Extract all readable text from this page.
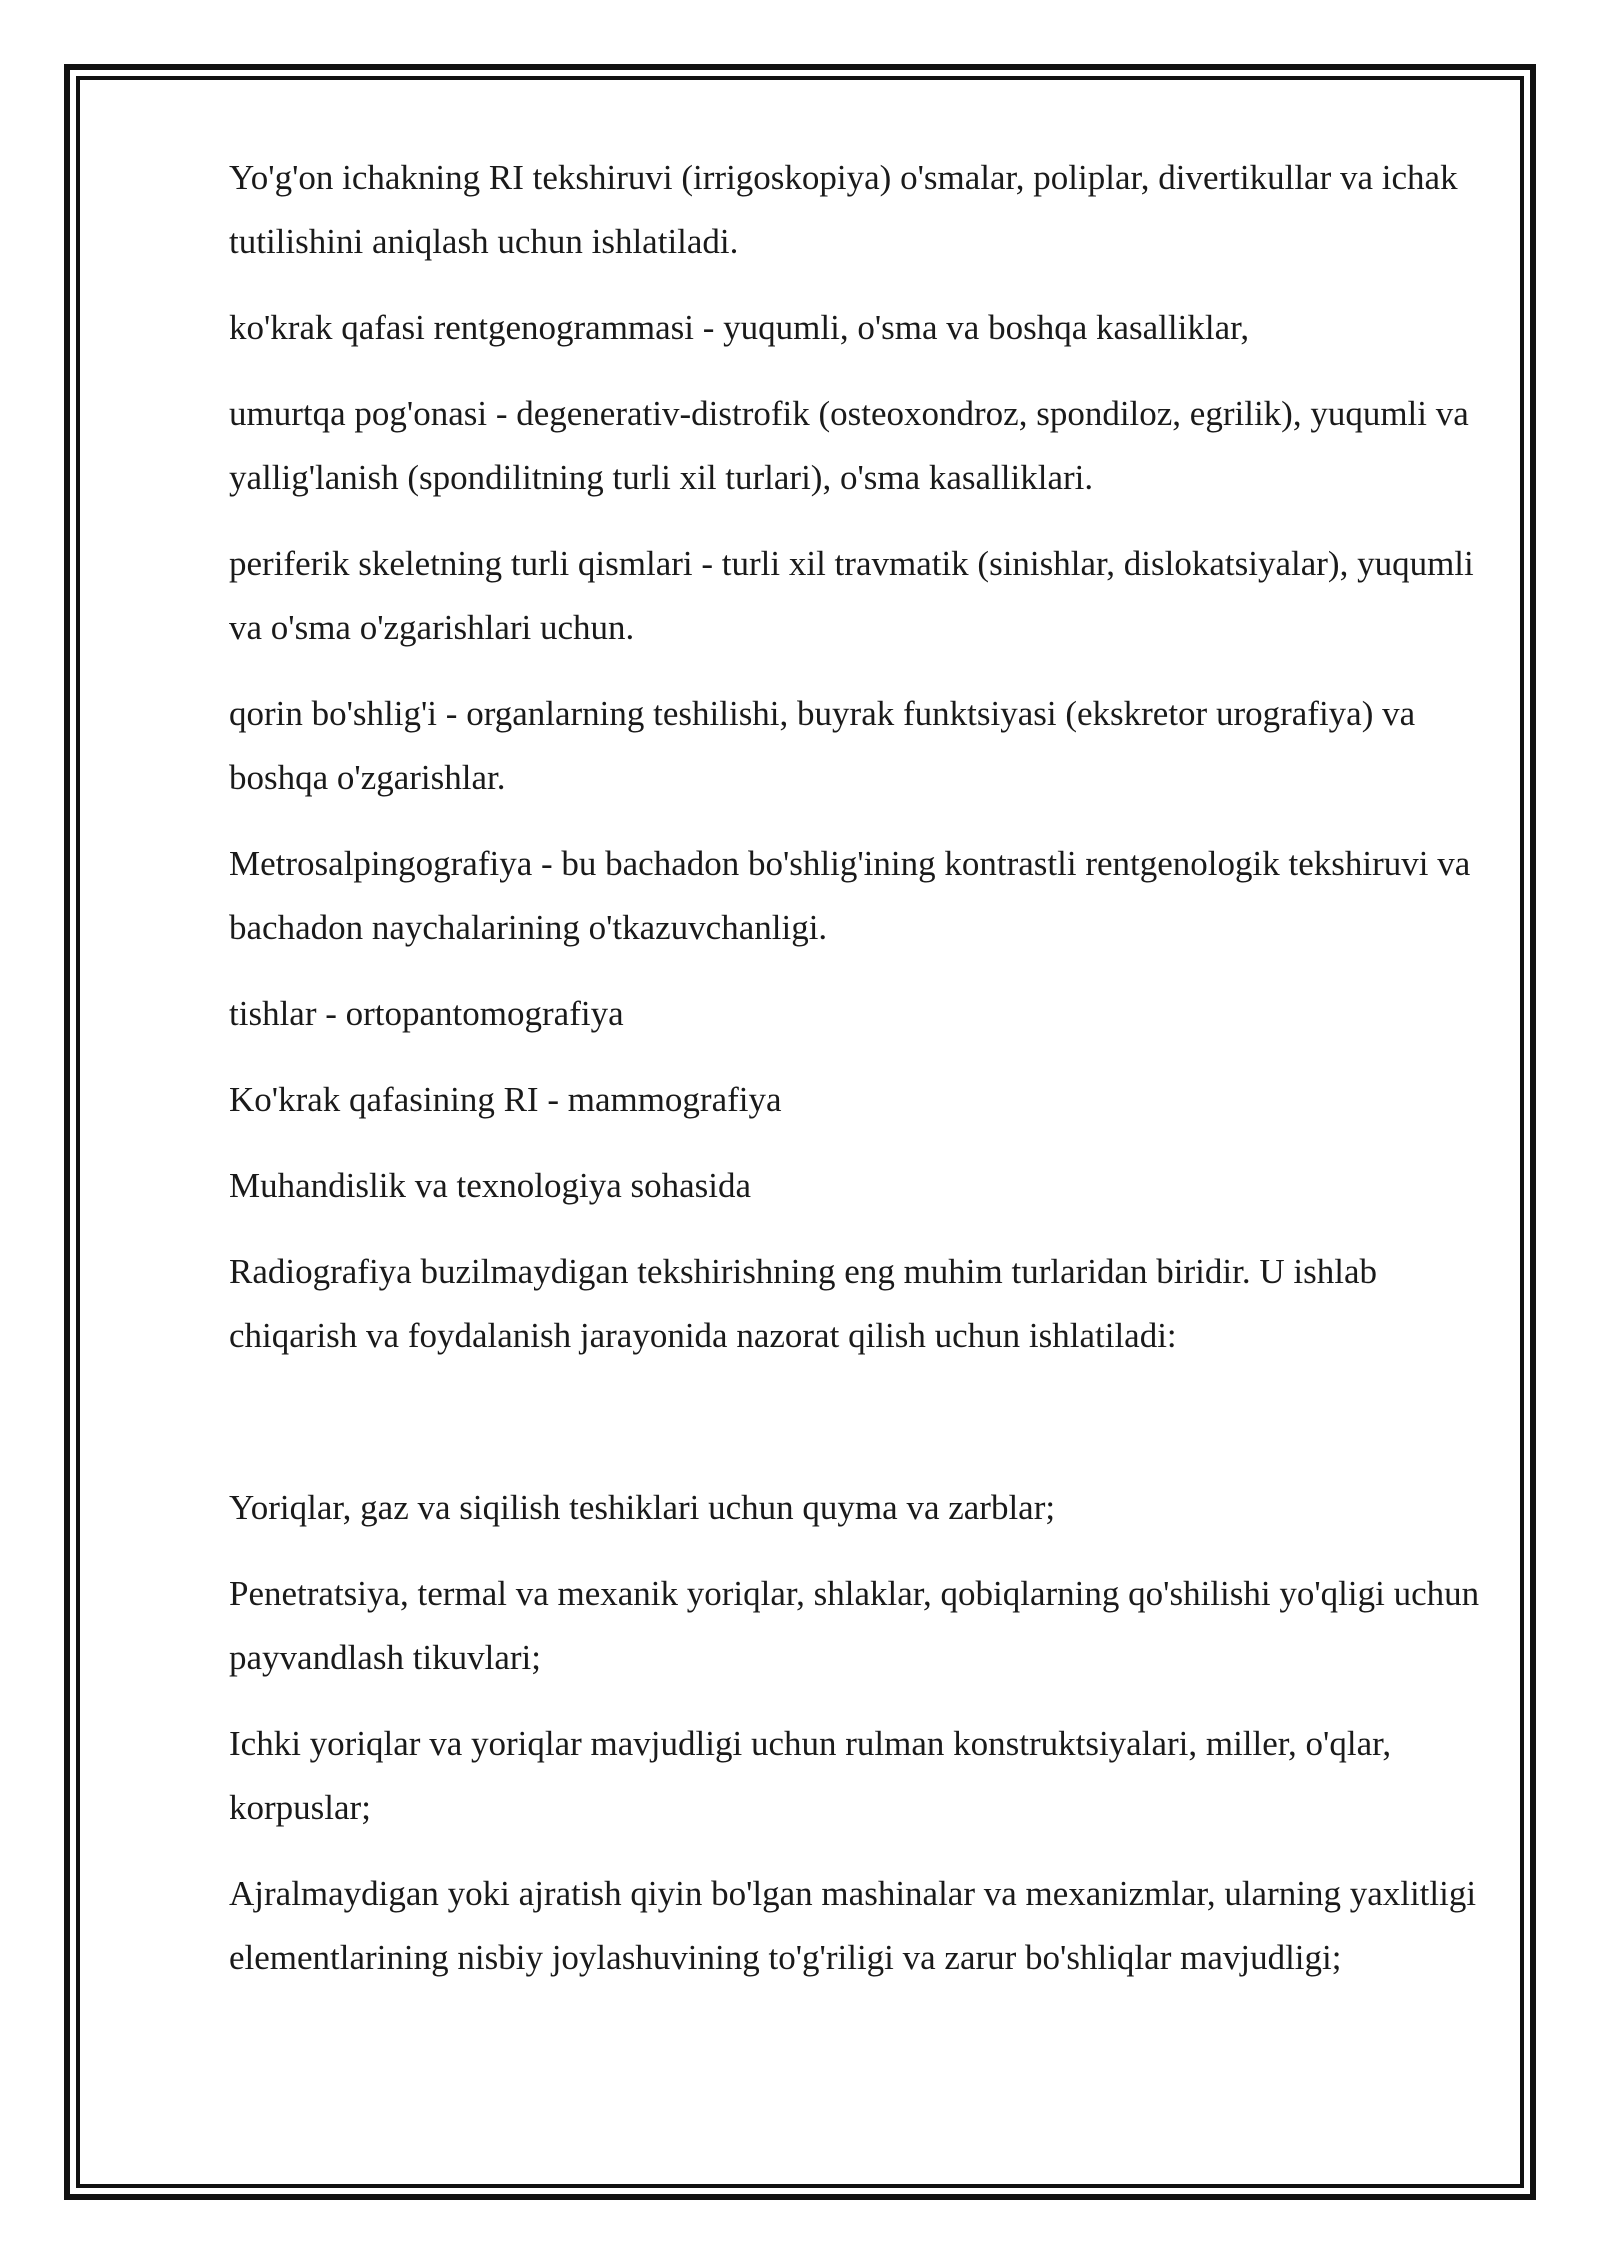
Yo'g'on ichakning RI tekshiruvi (irrigoskopiya) o'smalar, poliplar, divertikullar va ichak tutilishini aniqlash uchun ishlatiladi.

ko'krak qafasi rentgenogrammasi - yuqumli, o'sma va boshqa kasalliklar,

umurtqa pog'onasi - degenerativ-distrofik (osteoxondroz, spondiloz, egrilik), yuqumli va yallig'lanish (spondilitning turli xil turlari), o'sma kasalliklari.

periferik skeletning turli qismlari - turli xil travmatik (sinishlar, dislokatsiyalar), yuqumli va o'sma o'zgarishlari uchun.

qorin bo'shlig'i - organlarning teshilishi, buyrak funktsiyasi (ekskretor urografiya) va boshqa o'zgarishlar.

Metrosalpingografiya - bu bachadon bo'shlig'ining kontrastli rentgenologik tekshiruvi va bachadon naychalarining o'tkazuvchanligi.

tishlar - ortopantomografiya

Ko'krak qafasining RI - mammografiya

Muhandislik va texnologiya sohasida

Radiografiya buzilmaydigan tekshirishning eng muhim turlaridan biridir. U ishlab chiqarish va foydalanish jarayonida nazorat qilish uchun ishlatiladi:

Yoriqlar, gaz va siqilish teshiklari uchun quyma va zarblar;

Penetratsiya, termal va mexanik yoriqlar, shlaklar, qobiqlarning qo'shilishi yo'qligi uchun payvandlash tikuvlari;

Ichki yoriqlar va yoriqlar mavjudligi uchun rulman konstruktsiyalari, miller, o'qlar, korpuslar;

Ajralmaydigan yoki ajratish qiyin bo'lgan mashinalar va mexanizmlar, ularning yaxlitligi elementlarining nisbiy joylashuvining to'g'riligi va zarur bo'shliqlar mavjudligi;
